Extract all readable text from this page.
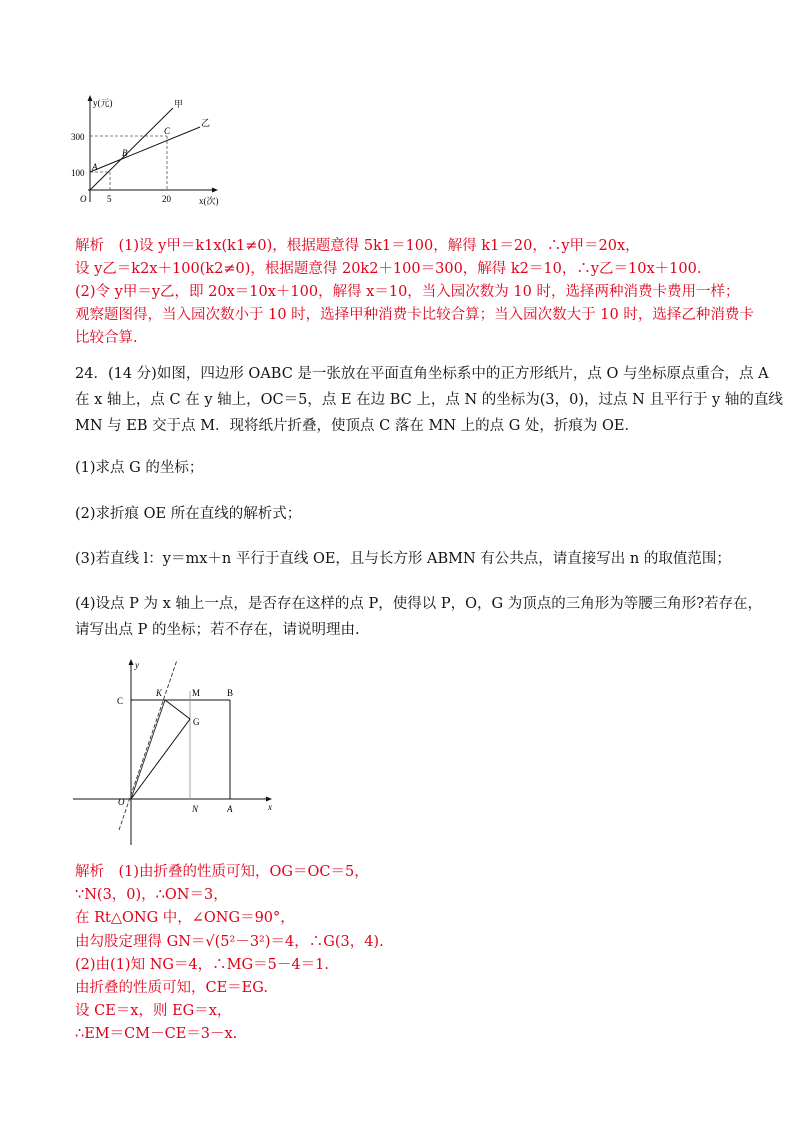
y(元)
x(次)
甲
乙
300
100
5	20
O
A
B
C
解析　(1)设 y甲＝k1x(k1≠0)，根据题意得 5k1＝100，解得 k1＝20，∴y甲＝20x，
设 y乙＝k2x＋100(k2≠0)，根据题意得 20k2＋100＝300，解得 k2＝10，∴y乙＝10x＋100.
(2)令 y甲＝y乙，即 20x＝10x＋100，解得 x＝10，当入园次数为 10 时，选择两种消费卡费用一样；
观察题图得，当入园次数小于 10 时，选择甲种消费卡比较合算；当入园次数大于 10 时，选择乙种消费卡
比较合算.
24．(14 分)如图，四边形 OABC 是一张放在平面直角坐标系中的正方形纸片，点 O 与坐标原点重合，点 A
在 x 轴上，点 C 在 y 轴上，OC＝5，点 E 在边 BC 上，点 N 的坐标为(3，0)，过点 N 且平行于 y 轴的直线
MN 与 EB 交于点 M．现将纸片折叠，使顶点 C 落在 MN 上的点 G 处，折痕为 OE．
(1)求点 G 的坐标；
(2)求折痕 OE 所在直线的解析式；
(3)若直线 l：y＝mx＋n 平行于直线 OE，且与长方形 ABMN 有公共点，请直接写出 n 的取值范围；
(4)设点 P 为 x 轴上一点，是否存在这样的点 P，使得以 P，O，G 为顶点的三角形为等腰三角形?若存在，
请写出点 P 的坐标；若不存在，请说明理由.
y
x
C
K	M	B
G
O
N	A
解析　(1)由折叠的性质可知，OG＝OC＝5，
∵N(3，0)，∴ON＝3，
在 Rt△ONG 中，∠ONG＝90°，
由勾股定理得 GN＝√(5²－3²)＝4，∴G(3，4).
(2)由(1)知 NG＝4，∴MG＝5－4＝1.
由折叠的性质可知，CE＝EG.
设 CE＝x，则 EG＝x，
∴EM＝CM－CE＝3－x.
